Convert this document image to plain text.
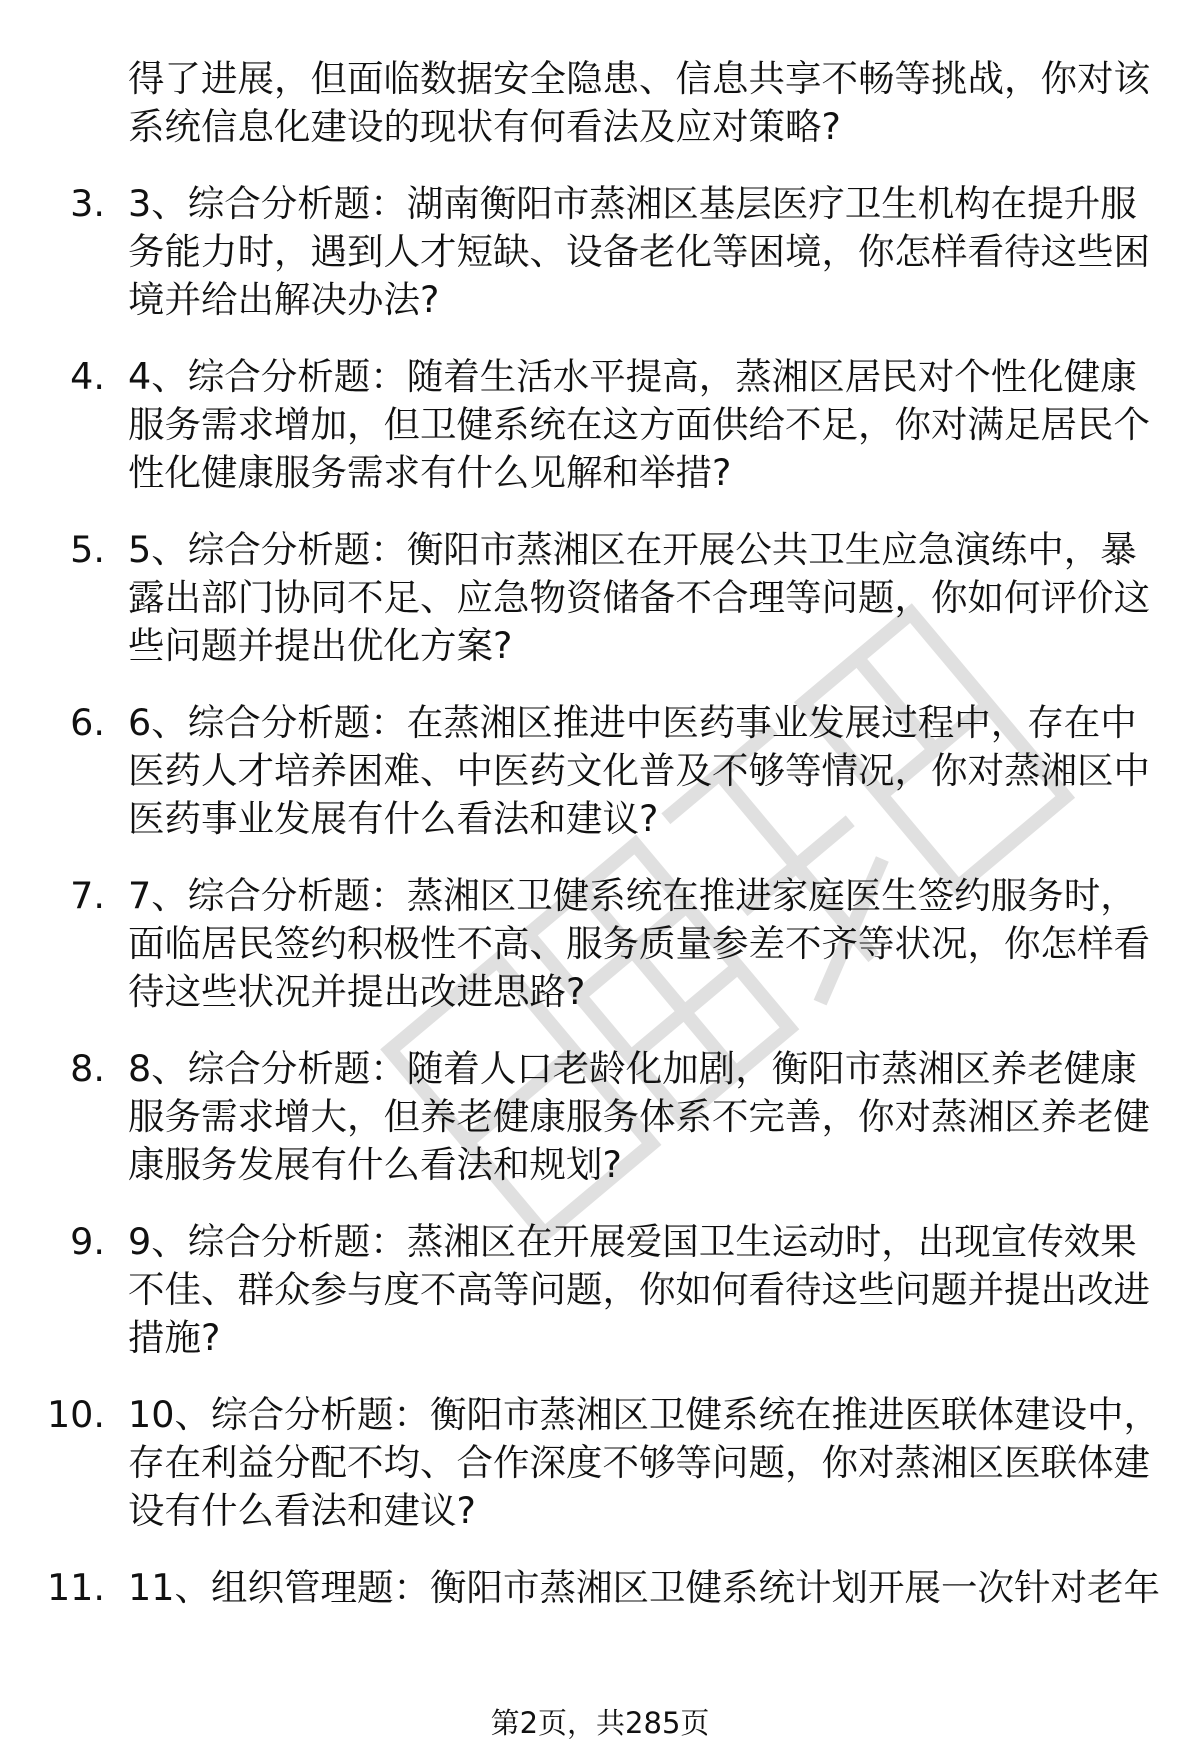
得了进展，但面临数据安全隐患、信息共享不畅等挑战，你对该系统信息化建设的现状有何看法及应对策略?
3. 3、综合分析题：湖南衡阳市蒸湘区基层医疗卫生机构在提升服务能力时，遇到人才短缺、设备老化等困境，你怎样看待这些困境并给出解决办法?
4. 4、综合分析题：随着生活水平提高，蒸湘区居民对个性化健康服务需求增加，但卫健系统在这方面供给不足，你对满足居民个性化健康服务需求有什么见解和举措?
5. 5、综合分析题：衡阳市蒸湘区在开展公共卫生应急演练中，暴露出部门协同不足、应急物资储备不合理等问题，你如何评价这些问题并提出优化方案?
6. 6、综合分析题：在蒸湘区推进中医药事业发展过程中，存在中医药人才培养困难、中医药文化普及不够等情况，你对蒸湘区中医药事业发展有什么看法和建议?
7. 7、综合分析题：蒸湘区卫健系统在推进家庭医生签约服务时，面临居民签约积极性不高、服务质量参差不齐等状况，你怎样看待这些状况并提出改进思路?
8. 8、综合分析题：随着人口老龄化加剧，衡阳市蒸湘区养老健康服务需求增大，但养老健康服务体系不完善，你对蒸湘区养老健康服务发展有什么看法和规划?
9. 9、综合分析题：蒸湘区在开展爱国卫生运动时，出现宣传效果不佳、群众参与度不高等问题，你如何看待这些问题并提出改进措施?
10. 10、综合分析题：衡阳市蒸湘区卫健系统在推进医联体建设中，存在利益分配不均、合作深度不够等问题，你对蒸湘区医联体建设有什么看法和建议?
11. 11、组织管理题：衡阳市蒸湘区卫健系统计划开展一次针对老年
第2页，共285页
